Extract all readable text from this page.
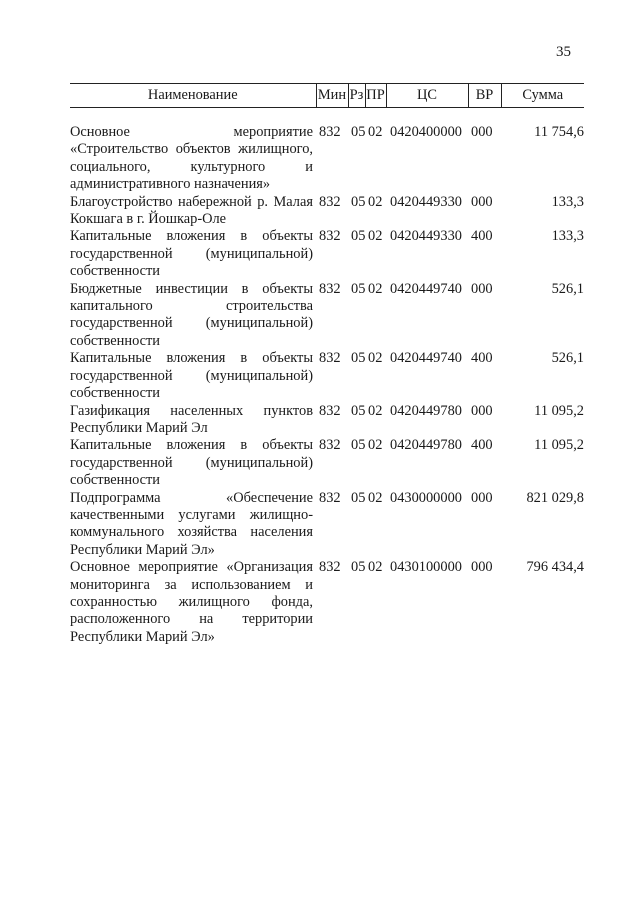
35
Наименование	Мин	Рз	ПР	ЦС	ВР	Сумма

Основное мероприятие «Строительство объектов жилищного, социального, культурного и административного назначения»	832	05	02	0420400000	000	11 754,6
Благоустройство набережной р. Малая Кокшага в г. Йошкар-Оле	832	05	02	0420449330	000	133,3
Капитальные вложения в объекты государственной (муниципальной) собственности	832	05	02	0420449330	400	133,3
Бюджетные инвестиции в объекты капитального строительства государственной (муниципальной) собственности	832	05	02	0420449740	000	526,1
Капитальные вложения в объекты государственной (муниципальной) собственности	832	05	02	0420449740	400	526,1
Газификация населенных пунктов Республики Марий Эл	832	05	02	0420449780	000	11 095,2
Капитальные вложения в объекты государственной (муниципальной) собственности	832	05	02	0420449780	400	11 095,2
Подпрограмма «Обеспечение качественными услугами жилищно-коммунального хозяйства населения Республики Марий Эл»	832	05	02	0430000000	000	821 029,8
Основное мероприятие «Организация мониторинга за использованием и сохранностью жилищного фонда, расположенного на территории Республики Марий Эл»	832	05	02	0430100000	000	796 434,4
